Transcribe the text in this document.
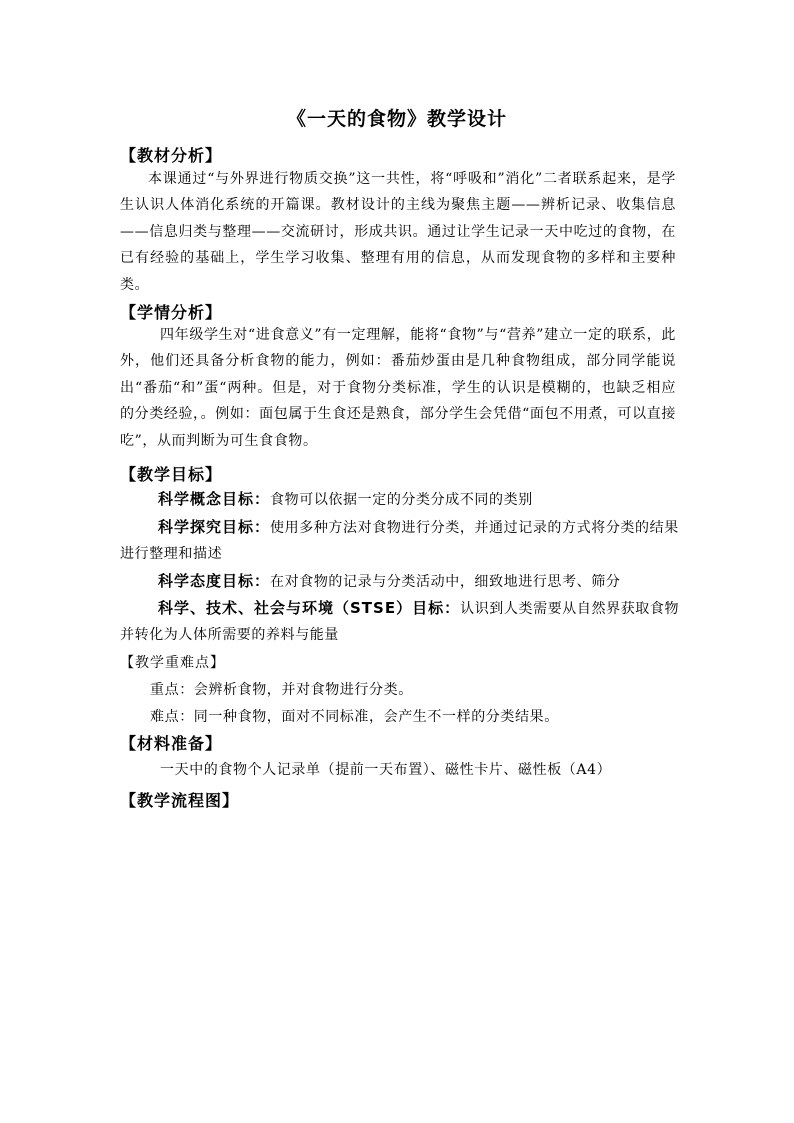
《一天的食物》教学设计
【教材分析】
本课通过“与外界进行物质交换”这一共性，将“呼吸和”消化”二者联系起来，是学生认识人体消化系统的开篇课。教材设计的主线为聚焦主题——辨析记录、收集信息——信息归类与整理——交流研讨，形成共识。通过让学生记录一天中吃过的食物，在已有经验的基础上，学生学习收集、整理有用的信息，从而发现食物的多样和主要种类。
【学情分析】
四年级学生对“进食意义”有一定理解，能将“食物”与“营养”建立一定的联系，此外，他们还具备分析食物的能力，例如：番茄炒蛋由是几种食物组成，部分同学能说出“番茄“和”蛋“两种。但是，对于食物分类标准，学生的认识是模糊的，也缺乏相应的分类经验，。例如：面包属于生食还是熟食，部分学生会凭借“面包不用煮，可以直接吃”，从而判断为可生食食物。
【教学目标】
科学概念目标：食物可以依据一定的分类分成不同的类别
科学探究目标：使用多种方法对食物进行分类，并通过记录的方式将分类的结果进行整理和描述
科学态度目标：在对食物的记录与分类活动中，细致地进行思考、筛分
科学、技术、社会与环境（STSE）目标：认识到人类需要从自然界获取食物并转化为人体所需要的养料与能量
【教学重难点】
重点：会辨析食物，并对食物进行分类。
难点：同一种食物，面对不同标准，会产生不一样的分类结果。
【材料准备】
一天中的食物个人记录单（提前一天布置）、磁性卡片、磁性板（A4）
【教学流程图】
